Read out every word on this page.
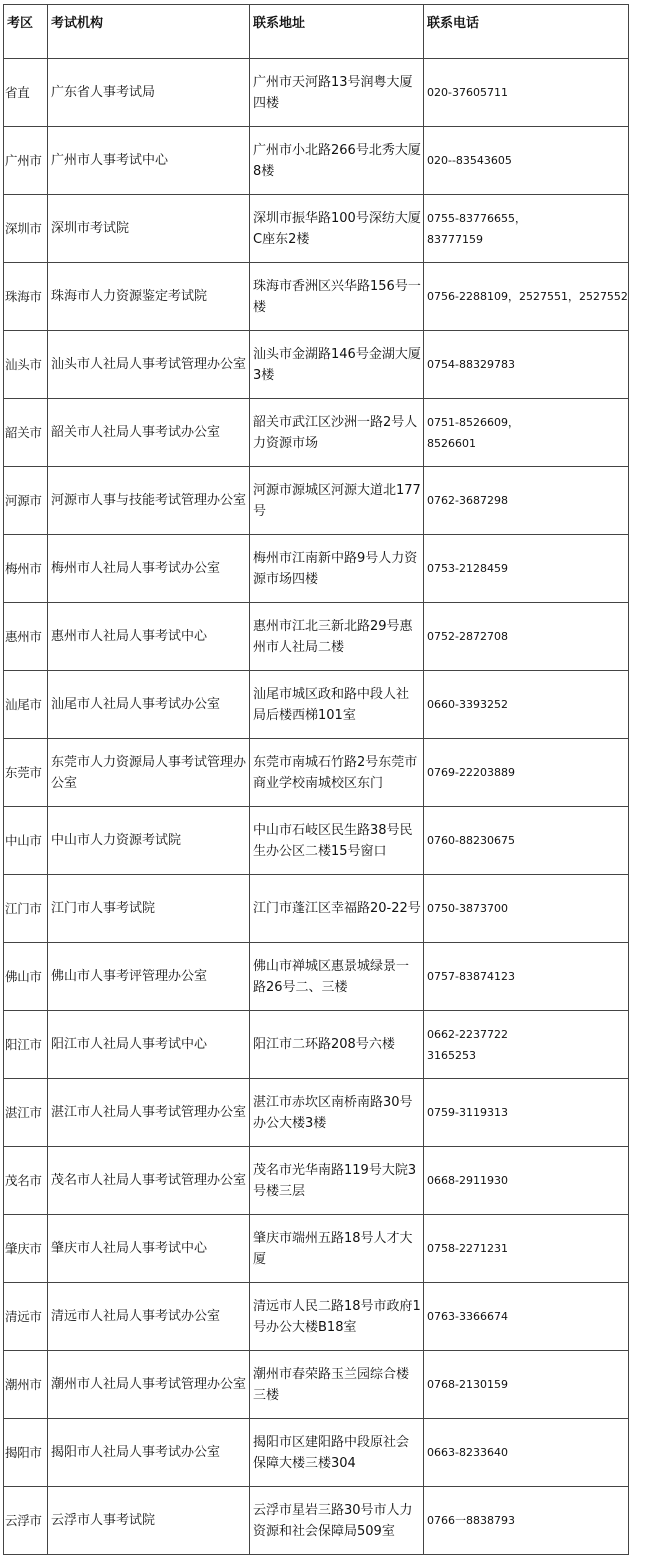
考区	考试机构	联系地址	联系电话
省直	广东省人事考试局	广州市天河路13号润粤大厦四楼	020-37605711

广州市	广州市人事考试中心	广州市小北路266号北秀大厦8楼	020--83543605

深圳市	深圳市考试院	深圳市振华路100号深纺大厦C座东2楼	0755-83776655，
83777159

珠海市	珠海市人力资源鉴定考试院	珠海市香洲区兴华路156号一楼	0756-2288109，2527551，2527552

汕头市	汕头市人社局人事考试管理办公室	汕头市金湖路146号金湖大厦3楼	0754-88329783

韶关市	韶关市人社局人事考试办公室	韶关市武江区沙洲一路2号人力资源市场	0751-8526609，
8526601

河源市	河源市人事与技能考试管理办公室	河源市源城区河源大道北177号	0762-3687298

梅州市	梅州市人社局人事考试办公室	梅州市江南新中路9号人力资源市场四楼	0753-2128459

惠州市	惠州市人社局人事考试中心	惠州市江北三新北路29号惠州市人社局二楼	0752-2872708

汕尾市	汕尾市人社局人事考试办公室	汕尾市城区政和路中段人社局后楼西梯101室	0660-3393252

东莞市	东莞市人力资源局人事考试管理办公室	东莞市南城石竹路2号东莞市商业学校南城校区东门	0769-22203889

中山市	中山市人力资源考试院	中山市石岐区民生路38号民生办公区二楼15号窗口	0760-88230675

江门市	江门市人事考试院	江门市蓬江区幸福路20-22号	0750-3873700

佛山市	佛山市人事考评管理办公室	佛山市禅城区惠景城绿景一路26号二、三楼	0757-83874123

阳江市	阳江市人社局人事考试中心	阳江市二环路208号六楼	0662-2237722
3165253

湛江市	湛江市人社局人事考试管理办公室	湛江市赤坎区南桥南路30号办公大楼3楼	0759-3119313

茂名市	茂名市人社局人事考试管理办公室	茂名市光华南路119号大院3号楼三层	0668-2911930

肇庆市	肇庆市人社局人事考试中心	肇庆市端州五路18号人才大厦	0758-2271231

清远市	清远市人社局人事考试办公室	清远市人民二路18号市政府1号办公大楼B18室	0763-3366674

潮州市	潮州市人社局人事考试管理办公室	潮州市春荣路玉兰园综合楼三楼	0768-2130159

揭阳市	揭阳市人社局人事考试办公室	揭阳市区建阳路中段原社会保障大楼三楼304	0663-8233640

云浮市	云浮市人事考试院	云浮市星岩三路30号市人力资源和社会保障局509室	0766一8838793
